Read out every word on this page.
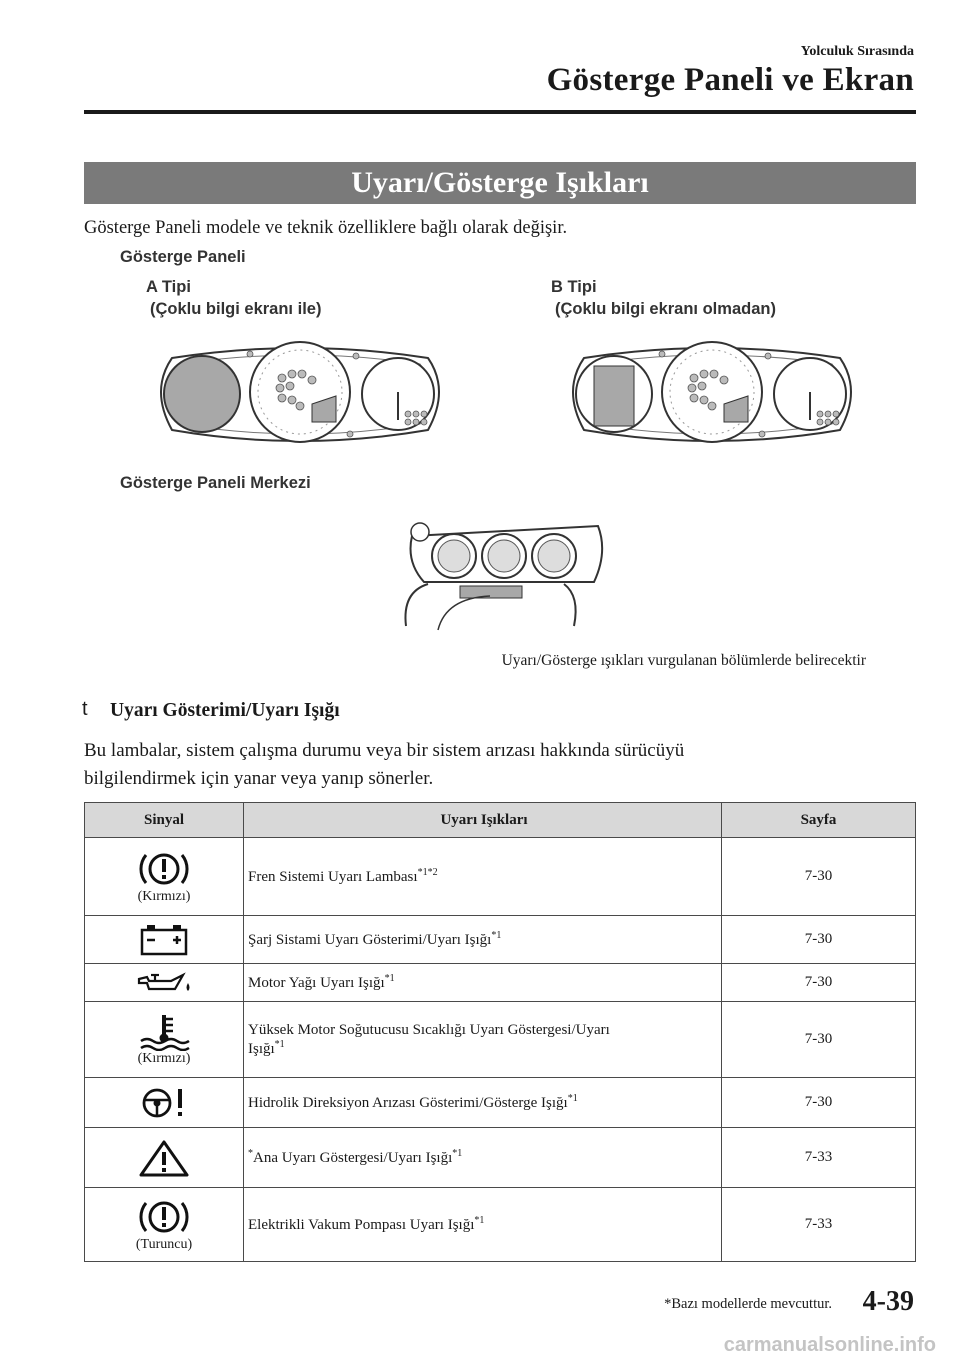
Yolculuk Sırasında
Gösterge Paneli ve Ekran
Uyarı/Gösterge Işıkları
Gösterge Paneli modele ve teknik özelliklere bağlı olarak değişir.
Gösterge Paneli
A Tipi
(Çoklu bilgi ekranı ile)
B Tipi
(Çoklu bilgi ekranı olmadan)
Gösterge Paneli Merkezi
Uyarı/Gösterge ışıkları vurgulanan bölümlerde belirecektir
t Uyarı Gösterimi/Uyarı Işığı
Bu lambalar, sistem çalışma durumu veya bir sistem arızası hakkında sürücüyü
bilgilendirmek için yanar veya yanıp sönerler.
Sinyal	Uyarı Işıkları	Sayfa

(Kırmızı)	Fren Sistemi Uyarı Lambası$^{*1*2}$	7-30

	Şarj Sistami Uyarı Gösterimi/Uyarı Işığı$^{*1}$	7-30

	Motor Yağı Uyarı Işığı$^{*1}$	7-30

(Kırmızı)	Yüksek Motor Soğutucusu Sıcaklığı Uyarı Göstergesi/Uyarı
Işığı$^{*1}$	7-30

	Hidrolik Direksiyon Arızası Gösterimi/Gösterge Işığı$^{*1}$	7-30

	*Ana Uyarı Göstergesi/Uyarı Işığı$^{*1}$	7-33

(Turuncu)	Elektrikli Vakum Pompası Uyarı Işığı$^{*1}$	7-33
*Bazı modellerde mevcuttur. 4-39
carmanualsonline.info
